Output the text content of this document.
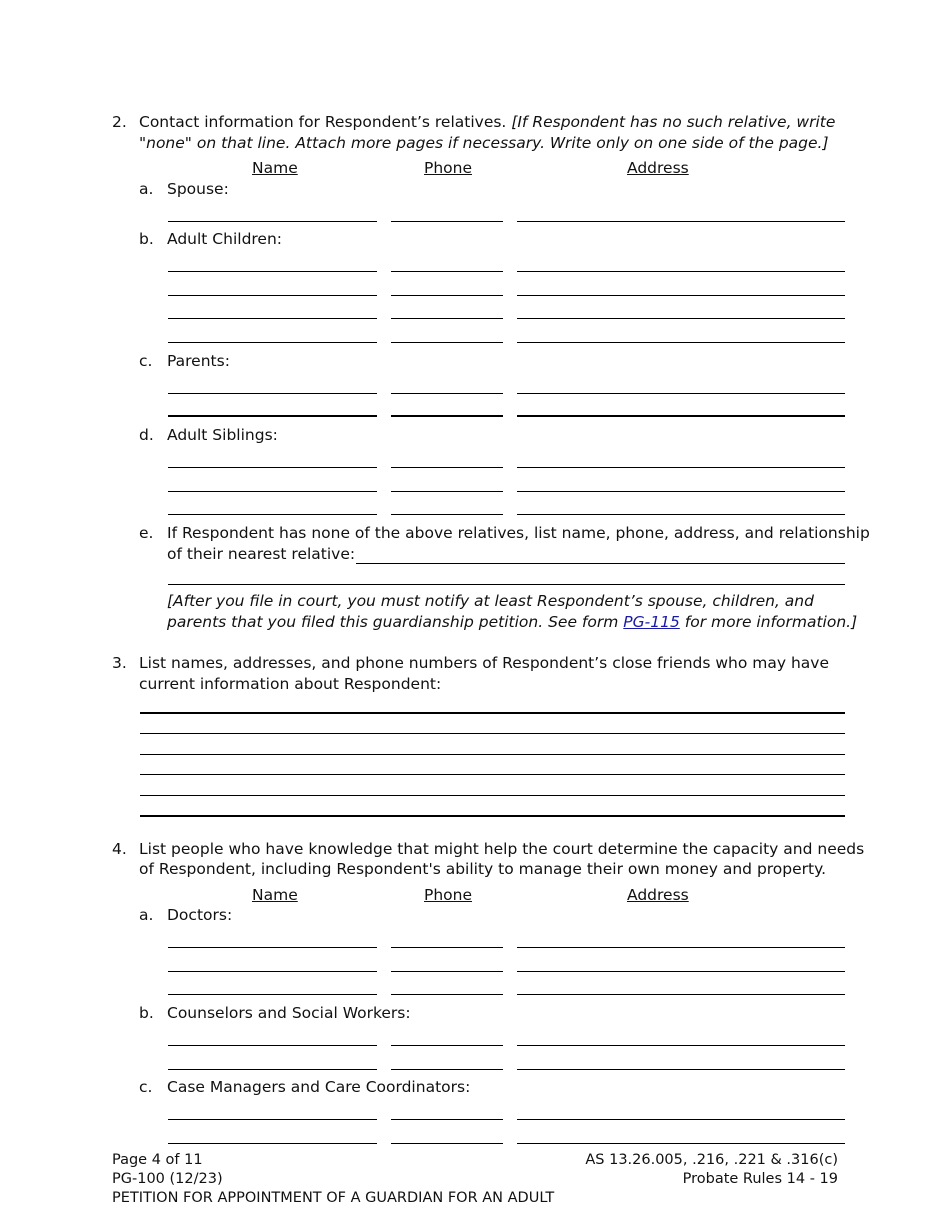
2. Contact information for Respondent’s relatives. [If Respondent has no such relative, write
"none" on that line. Attach more pages if necessary. Write only on one side of the page.]
Name	Phone	Address
a. Spouse:
b. Adult Children:
c. Parents:
d. Adult Siblings:
e. If Respondent has none of the above relatives, list name, phone, address, and relationship
of their nearest relative:
[After you file in court, you must notify at least Respondent’s spouse, children, and
parents that you filed this guardianship petition. See form PG-115 for more information.]
3. List names, addresses, and phone numbers of Respondent’s close friends who may have
current information about Respondent:
4. List people who have knowledge that might help the court determine the capacity and needs
of Respondent, including Respondent's ability to manage their own money and property.
Name	Phone	Address
a. Doctors:
b. Counselors and Social Workers:
c. Case Managers and Care Coordinators:
Page 4 of 11
PG-100 (12/23)
PETITION FOR APPOINTMENT OF A GUARDIAN FOR AN ADULT
AS 13.26.005, .216, .221 & .316(c)
Probate Rules 14 - 19
